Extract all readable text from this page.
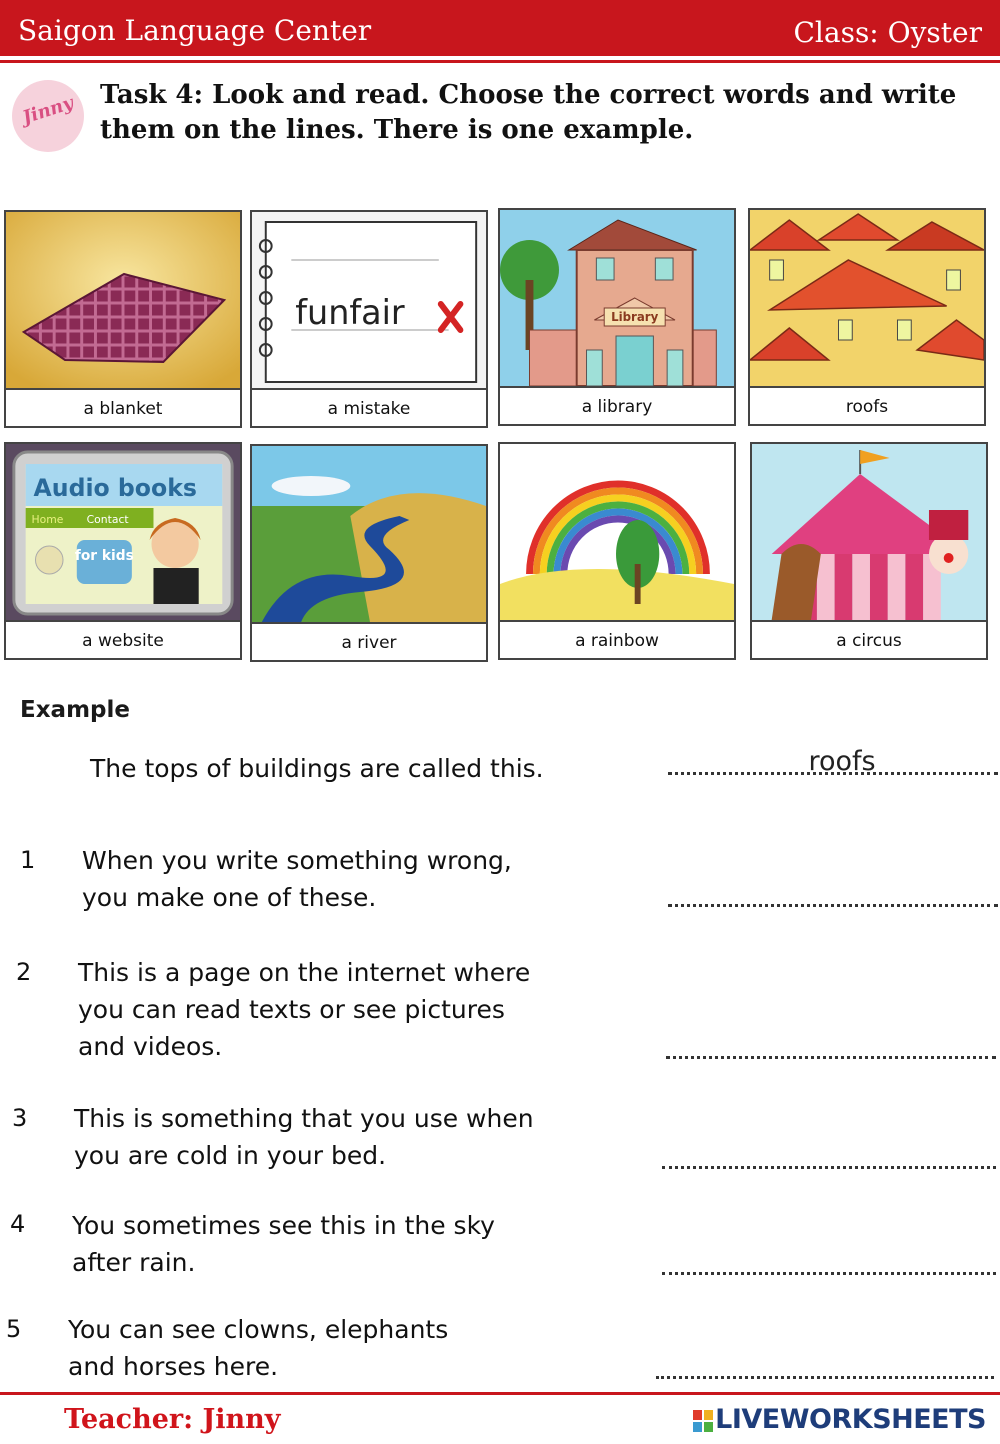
Saigon Language Center	Class: Oyster
Jinny Task 4: Look and read. Choose the correct words and write them on the lines. There is one example.
a blanket
funfair
a mistake
Library
a library	roofs
Audio books
Home Contact
for kids
a website	a river	a rainbow	a circus
Example
The tops of buildings are called this.
roofs
1 When you write something wrong,
you make one of these.
2 This is a page on the internet where
you can read texts or see pictures
and videos.
3 This is something that you use when
you are cold in your bed.
4 You sometimes see this in the sky
after rain.
5 You can see clowns, elephants
and horses here.
Teacher: Jinny	LIVEWORKSHEETS
